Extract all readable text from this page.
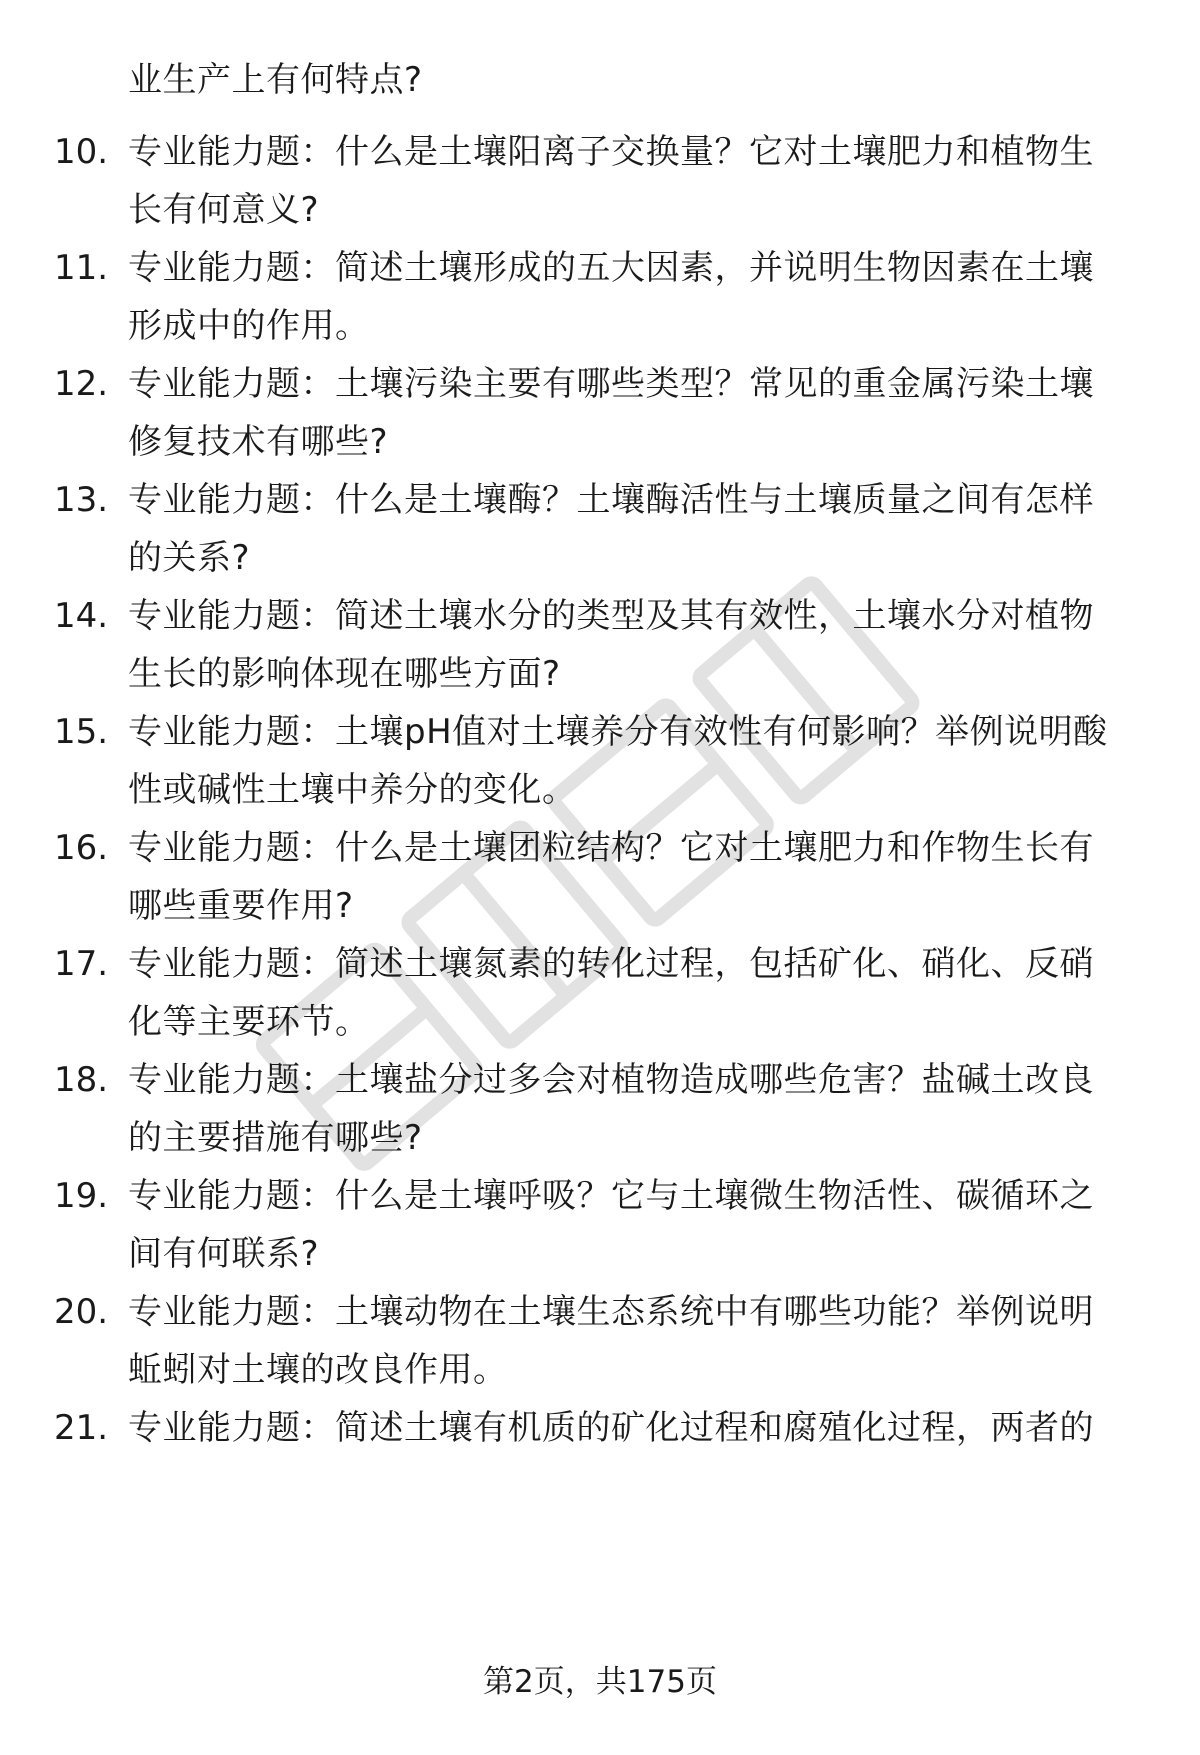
业生产上有何特点?
10. 专业能力题：什么是土壤阳离子交换量？它对土壤肥力和植物生
长有何意义?
11. 专业能力题：简述土壤形成的五大因素，并说明生物因素在土壤
形成中的作用。
12. 专业能力题：土壤污染主要有哪些类型？常见的重金属污染土壤
修复技术有哪些?
13. 专业能力题：什么是土壤酶？土壤酶活性与土壤质量之间有怎样
的关系?
14. 专业能力题：简述土壤水分的类型及其有效性，土壤水分对植物
生长的影响体现在哪些方面?
15. 专业能力题：土壤pH值对土壤养分有效性有何影响？举例说明酸
性或碱性土壤中养分的变化。
16. 专业能力题：什么是土壤团粒结构？它对土壤肥力和作物生长有
哪些重要作用?
17. 专业能力题：简述土壤氮素的转化过程，包括矿化、硝化、反硝
化等主要环节。
18. 专业能力题：土壤盐分过多会对植物造成哪些危害？盐碱土改良
的主要措施有哪些?
19. 专业能力题：什么是土壤呼吸？它与土壤微生物活性、碳循环之
间有何联系?
20. 专业能力题：土壤动物在土壤生态系统中有哪些功能？举例说明
蚯蚓对土壤的改良作用。
21. 专业能力题：简述土壤有机质的矿化过程和腐殖化过程，两者的
第2页，共175页
